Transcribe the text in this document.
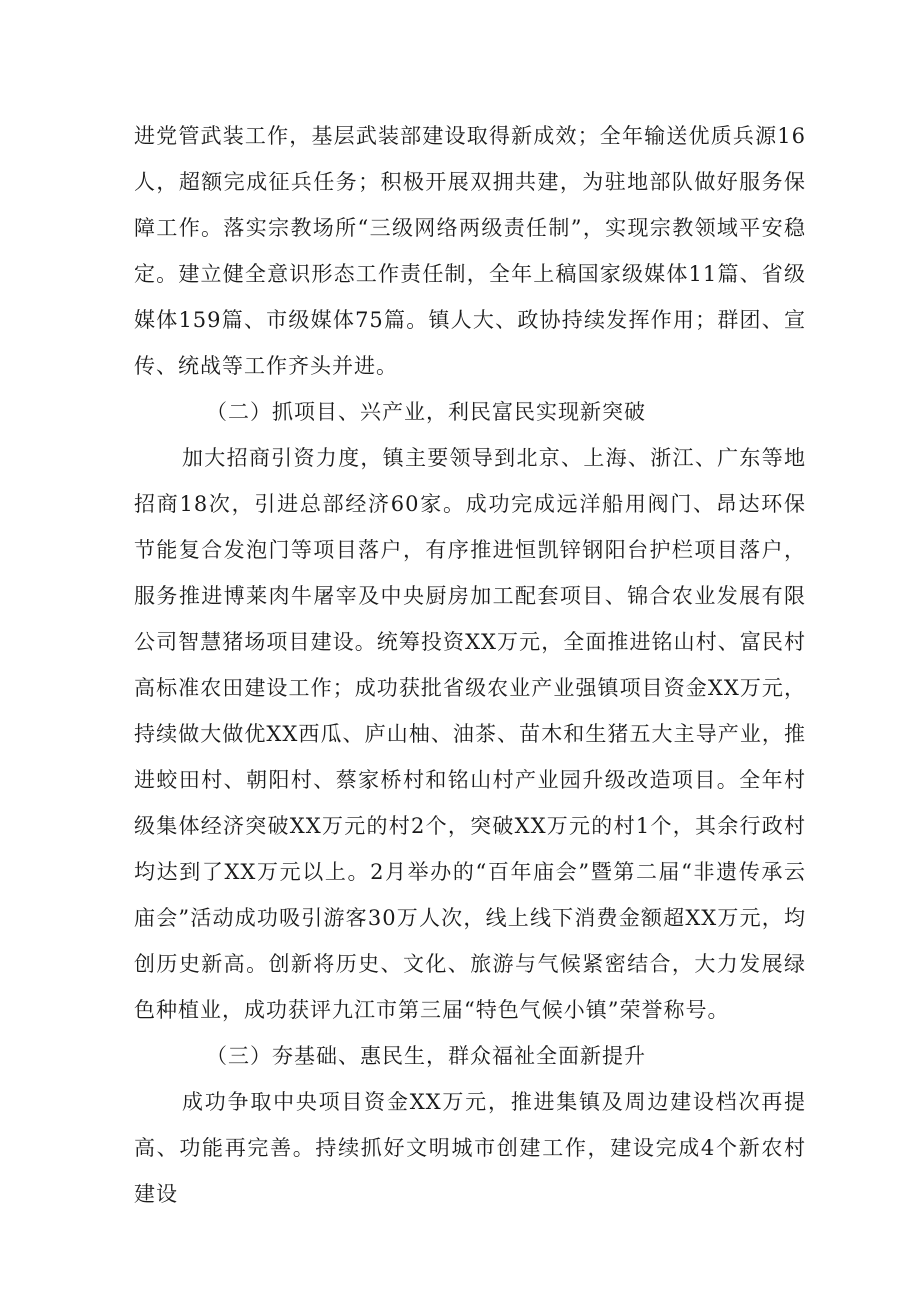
进党管武装工作，基层武装部建设取得新成效；全年输送优质兵源16人，超额完成征兵任务；积极开展双拥共建，为驻地部队做好服务保障工作。落实宗教场所“三级网络两级责任制”，实现宗教领域平安稳定。建立健全意识形态工作责任制，全年上稿国家级媒体11篇、省级媒体159篇、市级媒体75篇。镇人大、政协持续发挥作用；群团、宣传、统战等工作齐头并进。

（二）抓项目、兴产业，利民富民实现新突破

加大招商引资力度，镇主要领导到北京、上海、浙江、广东等地招商18次，引进总部经济60家。成功完成远洋船用阀门、昂达环保节能复合发泡门等项目落户，有序推进恒凯锌钢阳台护栏项目落户，服务推进博莱肉牛屠宰及中央厨房加工配套项目、锦合农业发展有限公司智慧猪场项目建设。统筹投资XX万元，全面推进铭山村、富民村高标准农田建设工作；成功获批省级农业产业强镇项目资金XX万元，持续做大做优XX西瓜、庐山柚、油茶、苗木和生猪五大主导产业，推进蛟田村、朝阳村、蔡家桥村和铭山村产业园升级改造项目。全年村级集体经济突破XX万元的村2个，突破XX万元的村1个，其余行政村均达到了XX万元以上。2月举办的“百年庙会”暨第二届“非遗传承云庙会”活动成功吸引游客30万人次，线上线下消费金额超XX万元，均创历史新高。创新将历史、文化、旅游与气候紧密结合，大力发展绿色种植业，成功获评九江市第三届“特色气候小镇”荣誉称号。

（三）夯基础、惠民生，群众福祉全面新提升

成功争取中央项目资金XX万元，推进集镇及周边建设档次再提高、功能再完善。持续抓好文明城市创建工作，建设完成4个新农村建设
